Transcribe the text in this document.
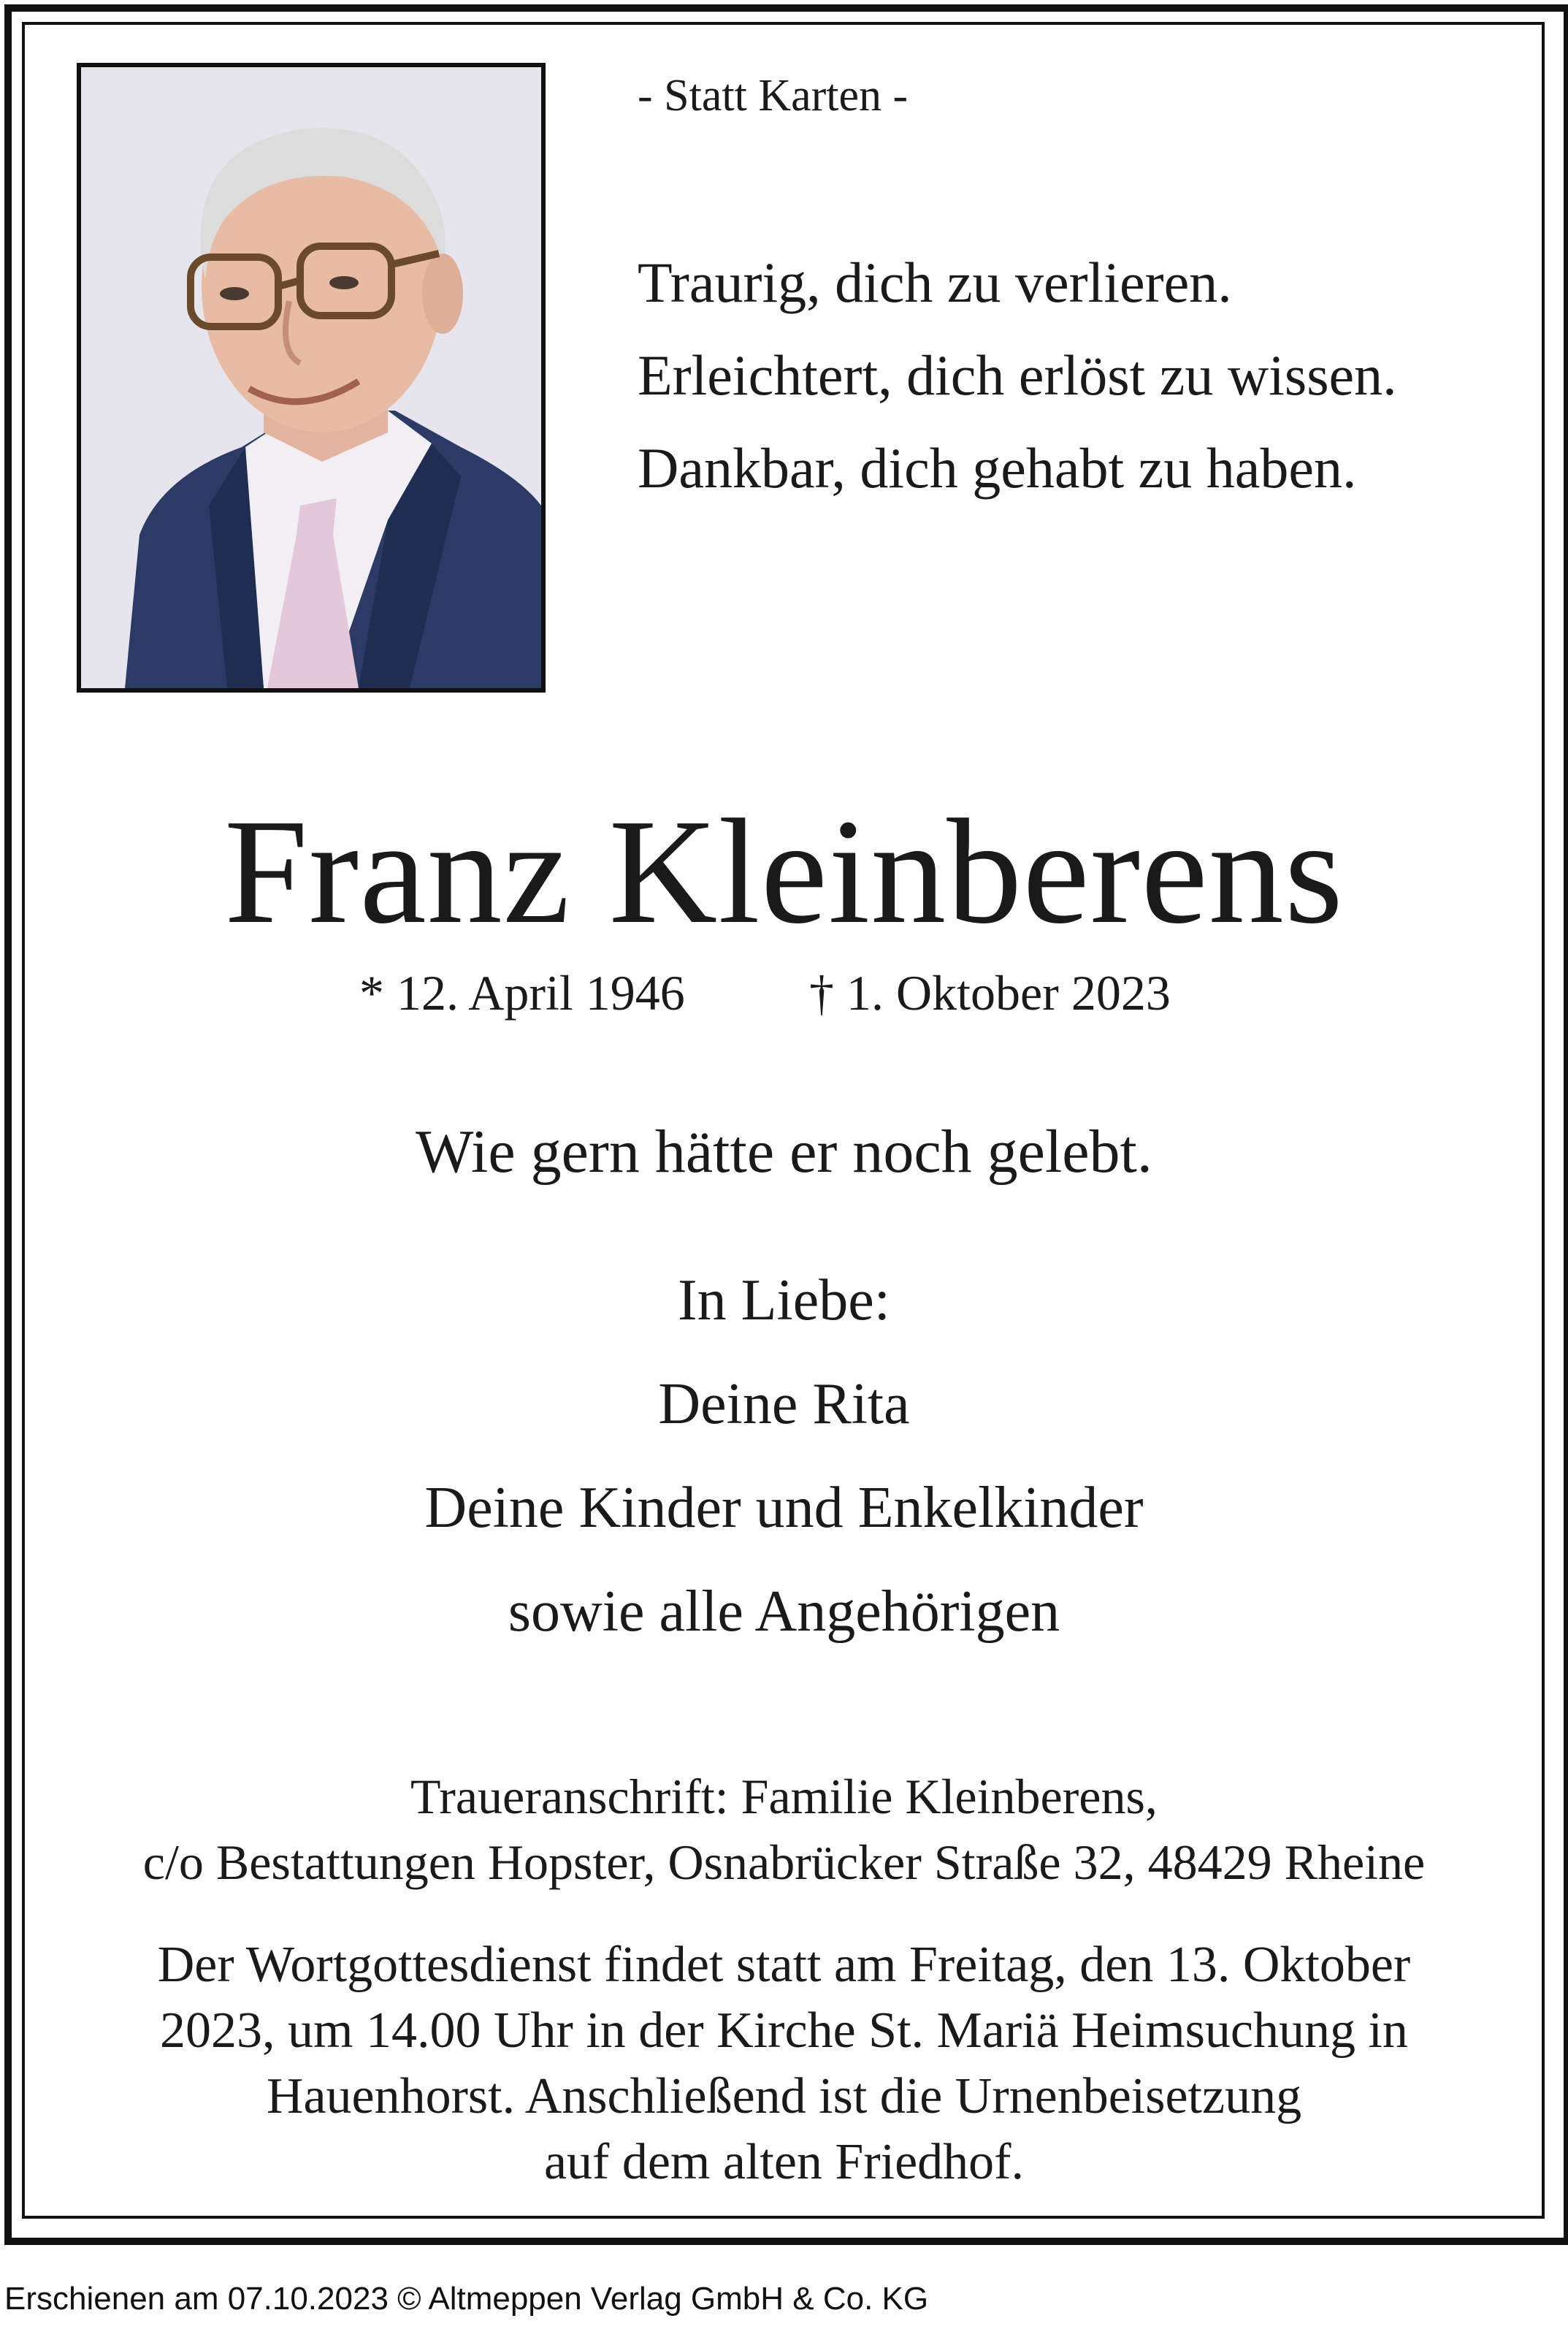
- Statt Karten -
Traurig, dich zu verlieren.
Erleichtert, dich erlöst zu wissen.
Dankbar, dich gehabt zu haben.
Franz Kleinberens
* 12. April 1946	† 1. Oktober 2023
Wie gern hätte er noch gelebt.
In Liebe:
Deine Rita
Deine Kinder und Enkelkinder
sowie alle Angehörigen
Traueranschrift: Familie Kleinberens,
c/o Bestattungen Hopster, Osnabrücker Straße 32, 48429 Rheine
Der Wortgottesdienst findet statt am Freitag, den 13. Oktober
2023, um 14.00 Uhr in der Kirche St. Mariä Heimsuchung in
Hauenhorst. Anschließend ist die Urnenbeisetzung
auf dem alten Friedhof.
Erschienen am 07.10.2023 © Altmeppen Verlag GmbH & Co. KG
